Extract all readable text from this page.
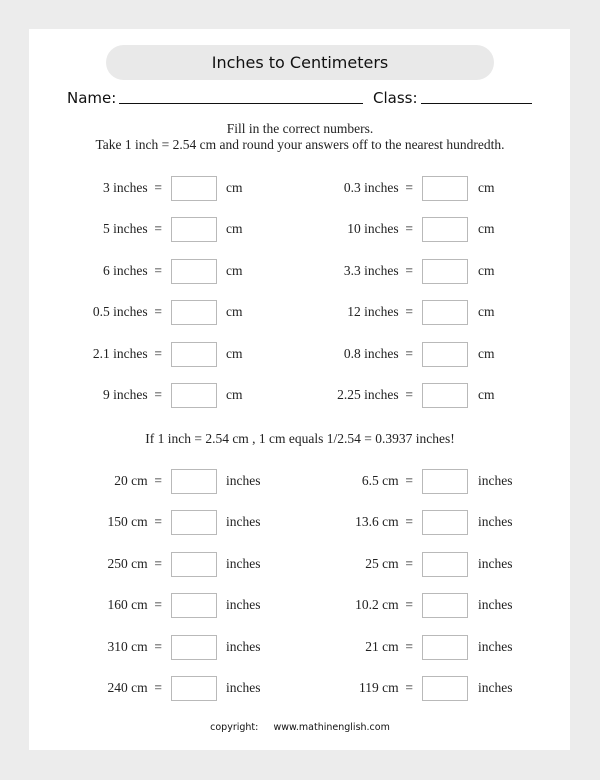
Inches to Centimeters
Name:	Class:
Fill in the correct numbers.
Take 1 inch = 2.54 cm and round your answers off to the nearest hundredth.
3 inches  =	cm
5 inches  =	cm
6 inches  =	cm
0.5 inches  =	cm
2.1 inches  =	cm
9 inches  =	cm
0.3 inches  =	cm
10 inches  =	cm
3.3 inches  =	cm
12 inches  =	cm
0.8 inches  =	cm
2.25 inches  =	cm
If 1 inch = 2.54 cm , 1 cm equals 1/2.54 = 0.3937 inches!
20 cm  =	inches
150 cm  =	inches
250 cm  =	inches
160 cm  =	inches
310 cm  =	inches
240 cm  =	inches
6.5 cm  =	inches
13.6 cm  =	inches
25 cm  =	inches
10.2 cm  =	inches
21 cm  =	inches
119 cm  =	inches
copyright: www.mathinenglish.com
